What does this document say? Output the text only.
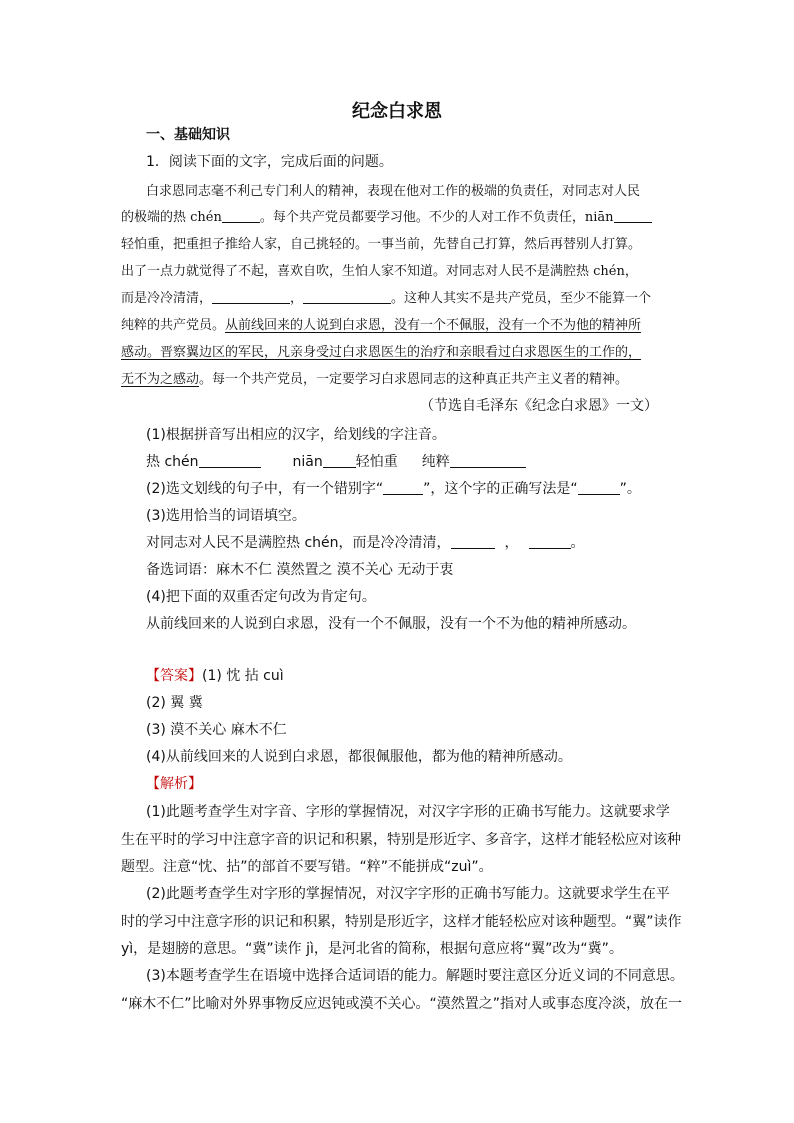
纪念白求恩
一、基础知识
1．阅读下面的文字，完成后面的问题。
白求恩同志毫不利己专门利人的精神，表现在他对工作的极端的负责任，对同志对人民
的极端的热 chén	。每个共产党员都要学习他。不少的人对工作不负责任，niān
轻怕重，把重担子推给人家，自己挑轻的。一事当前，先替自己打算，然后再替别人打算。
出了一点力就觉得了不起，喜欢自吹，生怕人家不知道。对同志对人民不是满腔热 chén，
而是冷冷清清，	，	。这种人其实不是共产党员，至少不能算一个
纯粹的共产党员。从前线回来的人说到白求恩，没有一个不佩服，没有一个不为他的精神所
感动。晋察翼边区的军民，凡亲身受过白求恩医生的治疗和亲眼看过白求恩医生的工作的，
无不为之感动。每一个共产党员，一定要学习白求恩同志的这种真正共产主义者的精神。
（节选自毛泽东《纪念白求恩》一文）
(1)根据拼音写出相应的汉字，给划线的字注音。
热 chén	niān 轻怕重 纯粹
(2)选文划线的句子中，有一个错别字“	”，这个字的正确写法是“	”。
(3)选用恰当的词语填空。
对同志对人民不是满腔热 chén，而是冷冷清清，	，	。
备选词语：麻木不仁 漠然置之 漠不关心 无动于衷
(4)把下面的双重否定句改为肯定句。
从前线回来的人说到白求恩，没有一个不佩服，没有一个不为他的精神所感动。
【答案】(1) 忱 拈 cuì
(2) 翼 冀
(3) 漠不关心 麻木不仁
(4)从前线回来的人说到白求恩，都很佩服他，都为他的精神所感动。
【解析】
(1)此题考查学生对字音、字形的掌握情况，对汉字字形的正确书写能力。这就要求学
生在平时的学习中注意字音的识记和积累，特别是形近字、多音字，这样才能轻松应对该种
题型。注意“忱、拈”的部首不要写错。“粹”不能拼成“zuì”。
(2)此题考查学生对字形的掌握情况，对汉字字形的正确书写能力。这就要求学生在平
时的学习中注意字形的识记和积累，特别是形近字，这样才能轻松应对该种题型。“翼”读作
yì，是翅膀的意思。“冀”读作 jì，是河北省的简称，根据句意应将“翼”改为“冀”。
(3)本题考查学生在语境中选择合适词语的能力。解题时要注意区分近义词的不同意思。
“麻木不仁”比喻对外界事物反应迟钝或漠不关心。“漠然置之”指对人或事态度冷淡，放在一
